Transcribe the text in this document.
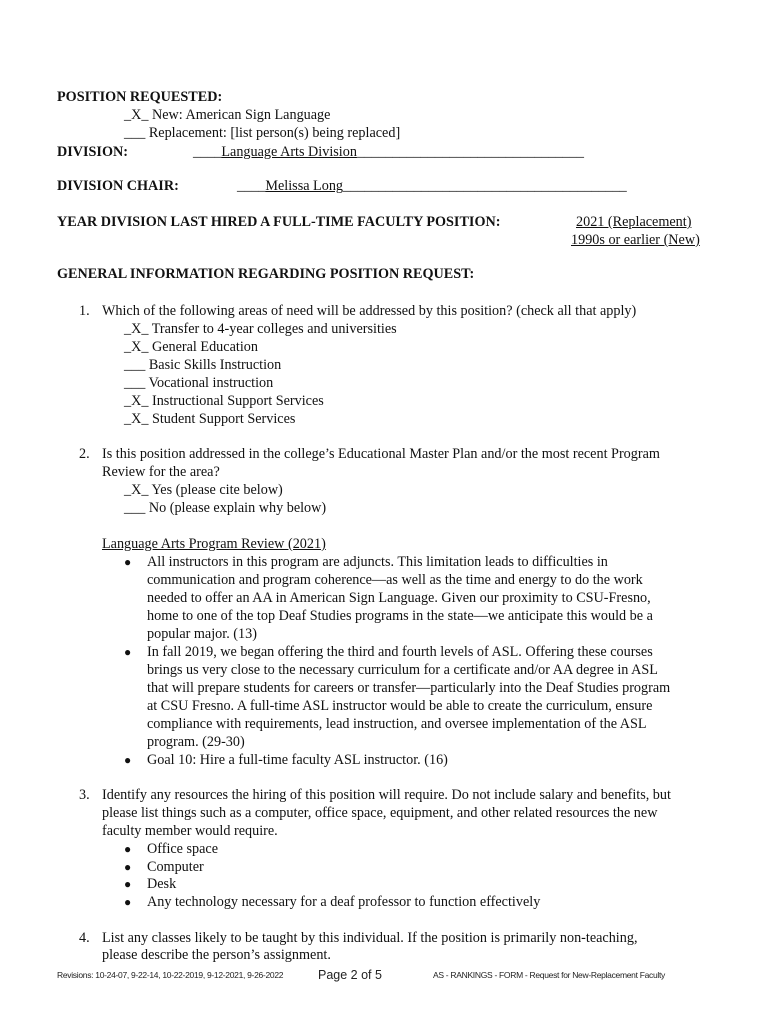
POSITION REQUESTED:
_X_ New: American Sign Language
___ Replacement: [list person(s) being replaced]
DIVISION:	____Language Arts Division________________________________
DIVISION CHAIR:	____Melissa Long________________________________________
YEAR DIVISION LAST HIRED A FULL-TIME FACULTY POSITION:	2021 (Replacement)
1990s or earlier (New)
GENERAL INFORMATION REGARDING POSITION REQUEST:
1. Which of the following areas of need will be addressed by this position? (check all that apply)
_X_ Transfer to 4-year colleges and universities
_X_ General Education
___ Basic Skills Instruction
___ Vocational instruction
_X_ Instructional Support Services
_X_ Student Support Services
2. Is this position addressed in the college’s Educational Master Plan and/or the most recent Program
Review for the area?
_X_ Yes (please cite below)
___ No (please explain why below)
Language Arts Program Review (2021)
● All instructors in this program are adjuncts. This limitation leads to difficulties in
communication and program coherence—as well as the time and energy to do the work
needed to offer an AA in American Sign Language. Given our proximity to CSU-Fresno,
home to one of the top Deaf Studies programs in the state—we anticipate this would be a
popular major. (13)
● In fall 2019, we began offering the third and fourth levels of ASL. Offering these courses
brings us very close to the necessary curriculum for a certificate and/or AA degree in ASL
that will prepare students for careers or transfer—particularly into the Deaf Studies program
at CSU Fresno. A full-time ASL instructor would be able to create the curriculum, ensure
compliance with requirements, lead instruction, and oversee implementation of the ASL
program. (29-30)
● Goal 10: Hire a full-time faculty ASL instructor. (16)
3. Identify any resources the hiring of this position will require. Do not include salary and benefits, but
please list things such as a computer, office space, equipment, and other related resources the new
faculty member would require.
● Office space
● Computer
● Desk
● Any technology necessary for a deaf professor to function effectively
4. List any classes likely to be taught by this individual. If the position is primarily non-teaching,
please describe the person’s assignment.
Revisions: 10-24-07, 9-22-14, 10-22-2019, 9-12-2021, 9-26-2022	Page 2 of 5	AS - RANKINGS - FORM - Request for New-Replacement Faculty
